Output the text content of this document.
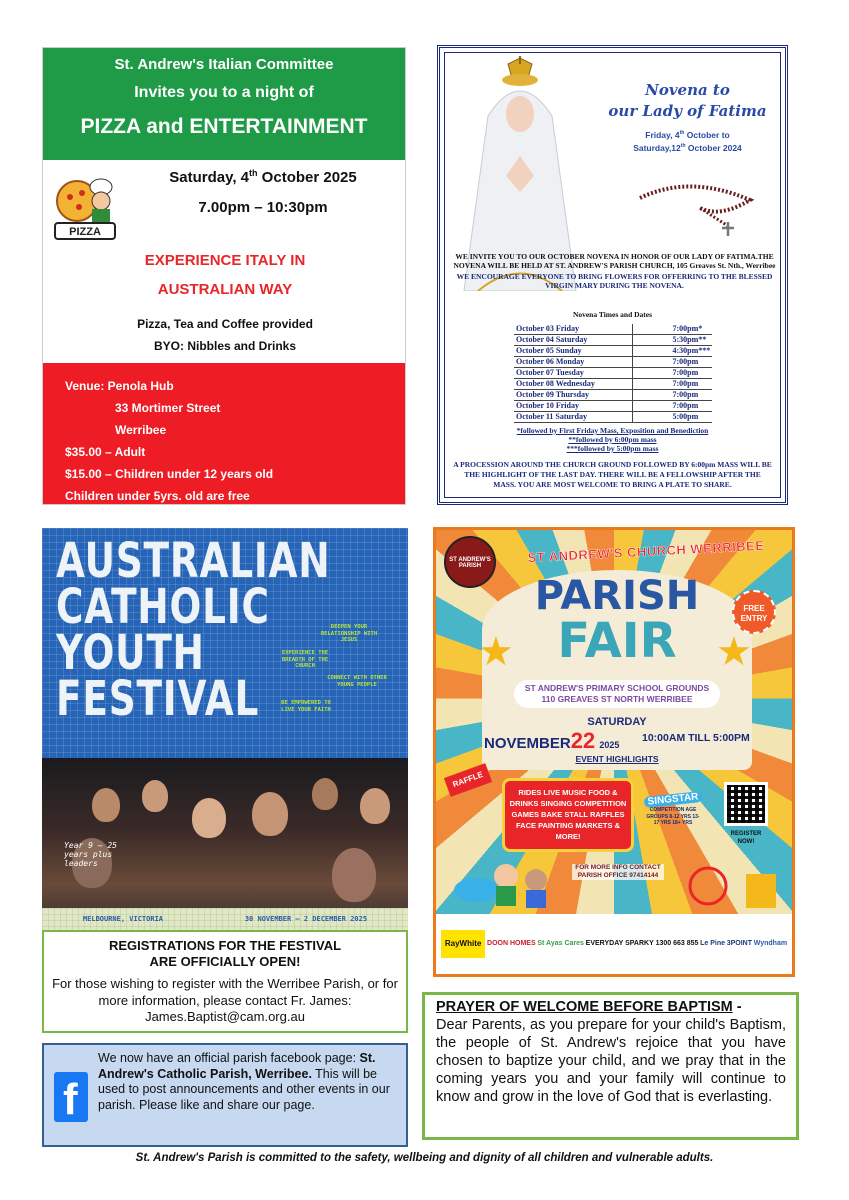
St. Andrew's Italian Committee
Invites you to a night of
PIZZA and ENTERTAINMENT
PIZZA
Saturday, 4th October 2025
7.00pm – 10:30pm
EXPERIENCE ITALY IN
AUSTRALIAN WAY
Pizza, Tea and Coffee provided
BYO: Nibbles and Drinks
Venue: Penola Hub
33 Mortimer Street
Werribee
$35.00 – Adult
$15.00 – Children under 12 years old
Children under 5yrs. old are free
Novena to
our Lady of Fatima
Friday, 4th October to
Saturday,12th October 2024
WE INVITE YOU TO OUR OCTOBER NOVENA IN HONOR OF OUR LADY OF FATIMA.THE NOVENA WILL BE HELD AT ST. ANDREW'S PARISH CHURCH, 105 Greaves St. Nth., Werribee
WE ENCOURAGE EVERYONE TO BRING FLOWERS FOR OFFERRING TO THE BLESSED VIRGIN MARY DURING THE NOVENA.
Novena Times and Dates
October 03 Friday	7:00pm*
October 04 Saturday	5:30pm**
October 05 Sunday	4:30pm***
October 06 Monday	7:00pm
October 07 Tuesday	7:00pm
October 08 Wednesday	7:00pm
October 09 Thursday	7:00pm
October 10 Friday	7:00pm
October 11 Saturday	5:00pm
*followed by First Friday Mass, Exposition and Benediction
**followed by 6:00pm mass
***followed by 5:00pm mass
A PROCESSION AROUND THE CHURCH GROUND FOLLOWED BY 6:00pm MASS WILL BE THE HIGHLIGHT OF THE LAST DAY. THERE WILL BE A FELLOWSHIP AFTER THE MASS. YOU ARE MOST WELCOME TO BRING A PLATE TO SHARE.
AUSTRALIAN
CATHOLIC
YOUTH
FESTIVAL
DEEPEN YOUR RELATIONSHIP WITH JESUS
EXPERIENCE THE BREADTH OF THE CHURCH
CONNECT WITH OTHER YOUNG PEOPLE
BE EMPOWERED TO LIVE YOUR FAITH
Year 9 – 25 years plus leaders
MELBOURNE, VICTORIA	30 NOVEMBER – 2 DECEMBER 2025
REGISTRATIONS FOR THE FESTIVAL
ARE OFFICIALLY OPEN!
For those wishing to register with the Werribee Parish, or for more information, please contact Fr. James: James.Baptist@cam.org.au
f
We now have an official parish facebook page: St. Andrew's Catholic Parish, Werribee. This will be used to post announcements and other events in our parish. Please like and share our page.
ST ANDREW'S PARISH
ST ANDREW'S CHURCH WERRIBEE
FREE ENTRY
PARISH
FAIR
★	★
ST ANDREW'S PRIMARY SCHOOL GROUNDS
110 GREAVES ST NORTH WERRIBEE
SATURDAY
NOVEMBER22 2025
10:00AM TILL 5:00PM
EVENT HIGHLIGHTS
RAFFLE
RIDES LIVE MUSIC FOOD & DRINKS SINGING COMPETITION GAMES BAKE STALL RAFFLES FACE PAINTING MARKETS & MORE!
SINGSTAR
COMPETITION AGE GROUPS 8-12 YRS 13-17 YRS 18+ YRS
REGISTER NOW!
FOR MORE INFO CONTACT PARISH OFFICE 97414144
RayWhite DOON HOMES St Ayas Cares EVERYDAY SPARKY 1300 663 855 Le Pine 3POINT Wyndham
PRAYER OF WELCOME BEFORE BAPTISM -
Dear Parents, as you prepare for your child's Baptism, the people of St. Andrew's rejoice that you have chosen to baptize your child, and we pray that in the coming years you and your family will continue to know and grow in the love of God that is everlasting.
St. Andrew's Parish is committed to the safety, wellbeing and dignity of all children and vulnerable adults.
